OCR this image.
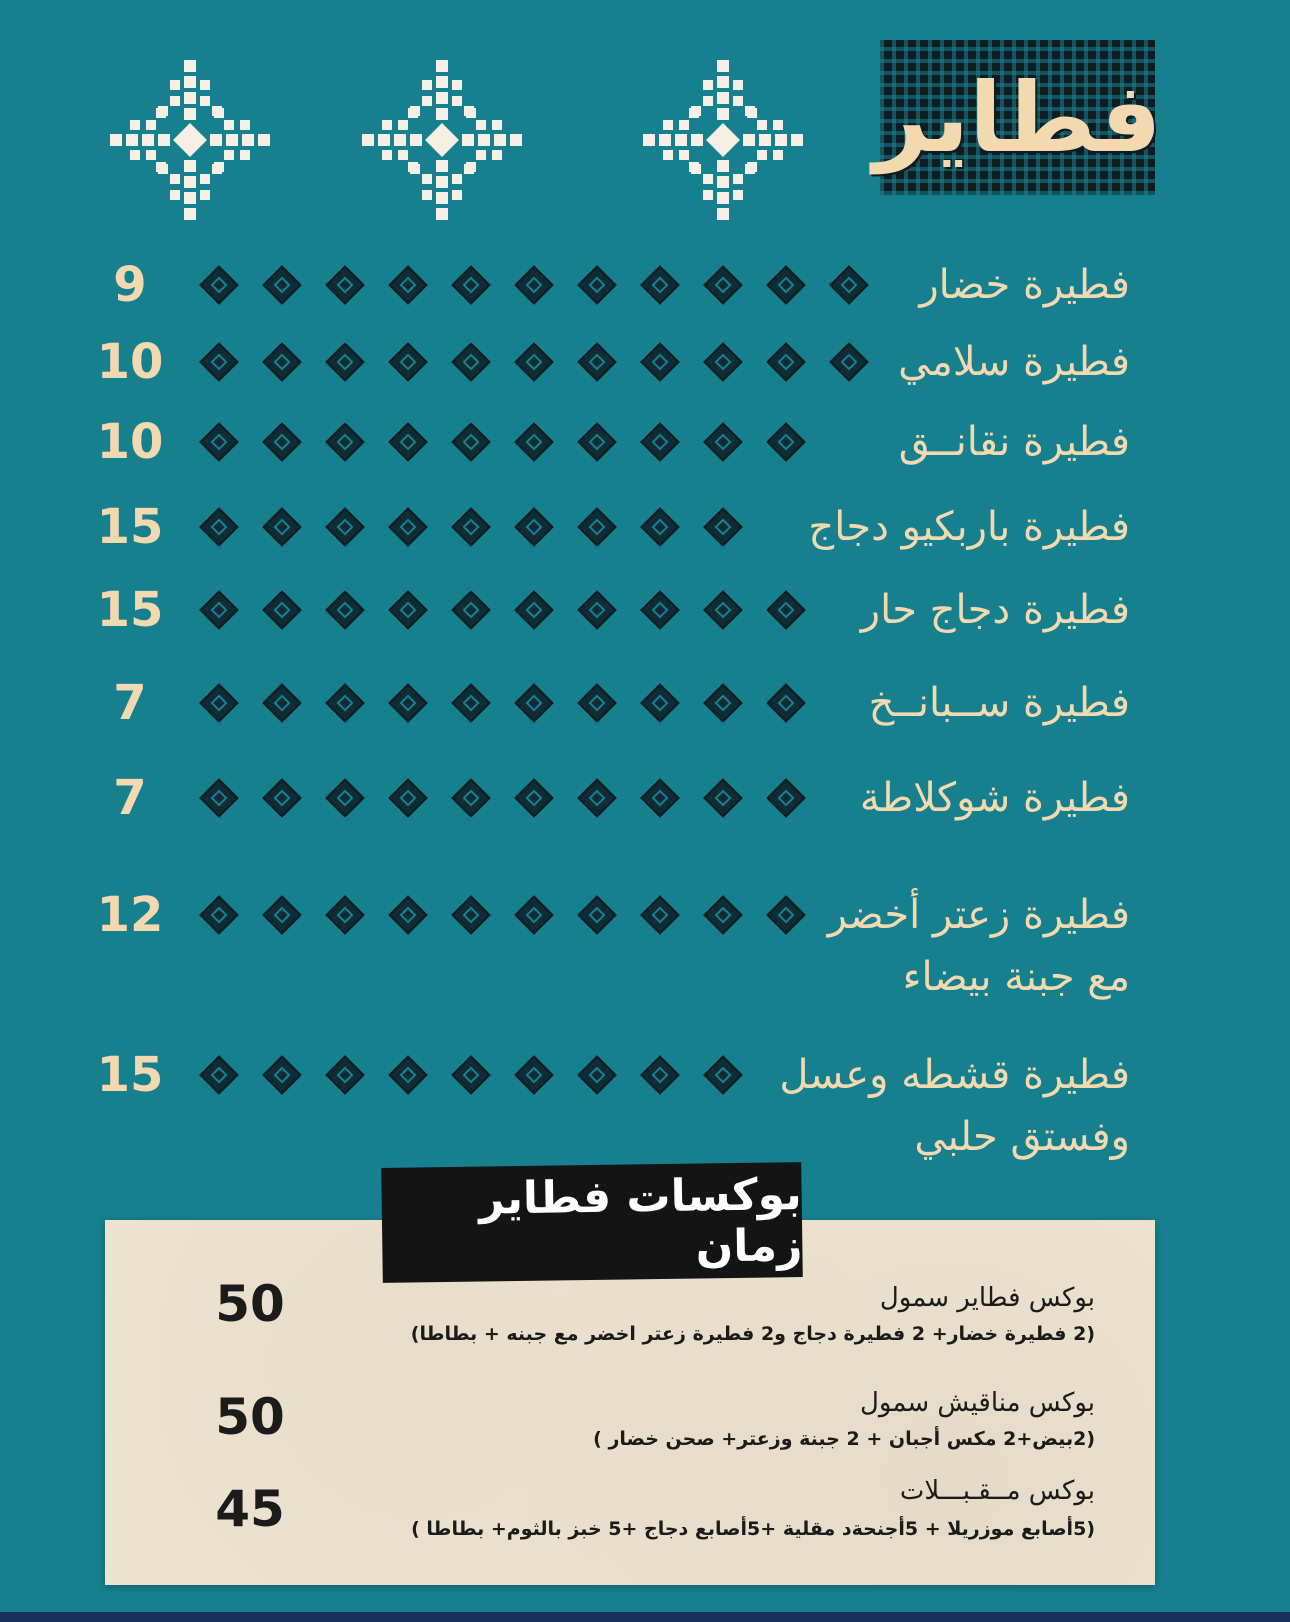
فطاير
9	فطيرة خضار
10	فطيرة سلامي
10	فطيرة نقانــق
15	فطيرة باربكيو دجاج
15	فطيرة دجاج حار
7	فطيرة ســبانــخ
7	فطيرة شوكلاطة
12	فطيرة زعتر أخضر
مع جبنة بيضاء
15	فطيرة قشطه وعسل
وفستق حلبي
بوكسات فطاير زمان
50	بوكس فطاير سمول
(2 فطيرة خضار+ 2 فطيرة دجاج و2 فطيرة زعتر اخضر مع جبنه + بطاطا)
50	بوكس مناقيش سمول
(2بيض+2 مكس أجبان + 2 جبنة وزعتر+ صحن خضار )
45	بوكس مــقـبـــلات
(5أصابع موزريلا + 5أجنحةد مقلية +5أصابع دجاج +5 خبز بالثوم+ بطاطا )
